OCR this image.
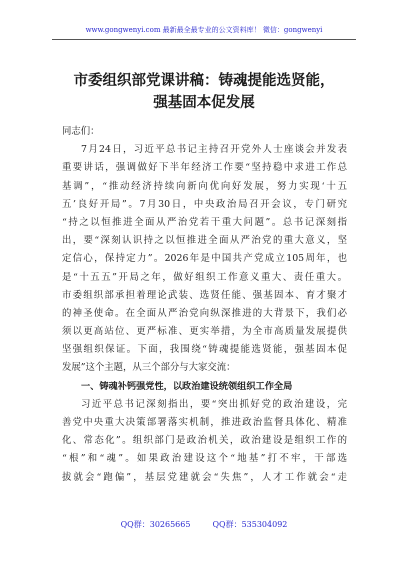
www.gongwenyi.com 最新最全最专业的公文资料库！ 微信：gongwenyi
市委组织部党课讲稿：铸魂提能选贤能，
强基固本促发展
同志们：
7月24日，习近平总书记主持召开党外人士座谈会并发表
重要讲话，强调做好下半年经济工作要“坚持稳中求进工作总
基调”，“推动经济持续向新向优向好发展，努力实现‘十五
五’良好开局”。7月30日，中央政治局召开会议，专门研究
“持之以恒推进全面从严治党若干重大问题”。总书记深刻指
出，要“深刻认识持之以恒推进全面从严治党的重大意义，坚
定信心，保持定力”。2026年是中国共产党成立105周年，也
是“十五五”开局之年，做好组织工作意义重大、责任重大。
市委组织部承担着理论武装、选贤任能、强基固本、育才聚才
的神圣使命。在全面从严治党向纵深推进的大背景下，我们必
须以更高站位、更严标准、更实举措，为全市高质量发展提供
坚强组织保证。下面，我围绕“铸魂提能选贤能，强基固本促
发展”这个主题，从三个部分与大家交流：
一、铸魂补钙强党性，以政治建设统领组织工作全局
习近平总书记深刻指出，要“突出抓好党的政治建设，完
善党中央重大决策部署落实机制，推进政治监督具体化、精准
化、常态化”。组织部门是政治机关，政治建设是组织工作的
“根”和“魂”。如果政治建设这个“地基”打不牢，干部选
拔就会“跑偏”，基层党建就会“失焦”，人才工作就会“走
QQ群：30265665	QQ群：535304092
